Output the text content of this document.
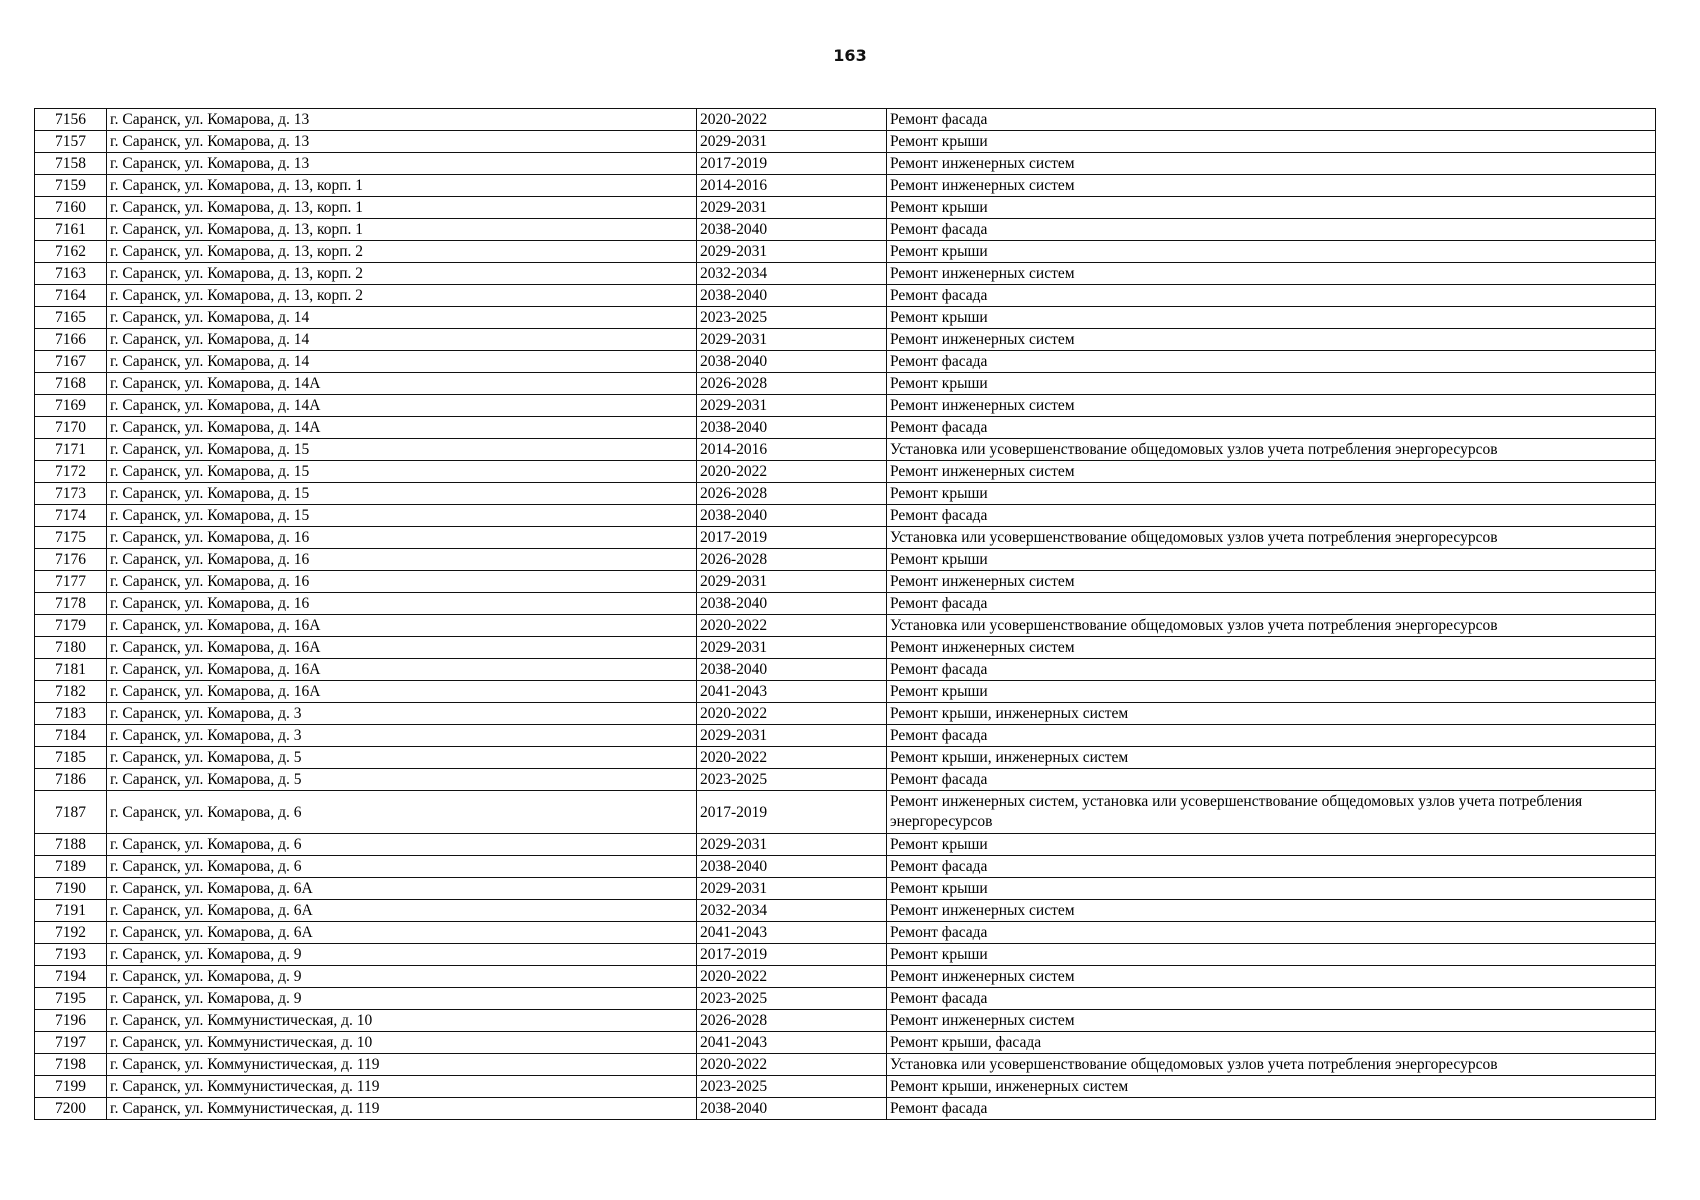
163
7156	г. Саранск, ул. Комарова, д. 13	2020-2022	Ремонт фасада
7157	г. Саранск, ул. Комарова, д. 13	2029-2031	Ремонт крыши
7158	г. Саранск, ул. Комарова, д. 13	2017-2019	Ремонт инженерных систем
7159	г. Саранск, ул. Комарова, д. 13, корп. 1	2014-2016	Ремонт инженерных систем
7160	г. Саранск, ул. Комарова, д. 13, корп. 1	2029-2031	Ремонт крыши
7161	г. Саранск, ул. Комарова, д. 13, корп. 1	2038-2040	Ремонт фасада
7162	г. Саранск, ул. Комарова, д. 13, корп. 2	2029-2031	Ремонт крыши
7163	г. Саранск, ул. Комарова, д. 13, корп. 2	2032-2034	Ремонт инженерных систем
7164	г. Саранск, ул. Комарова, д. 13, корп. 2	2038-2040	Ремонт фасада
7165	г. Саранск, ул. Комарова, д. 14	2023-2025	Ремонт крыши
7166	г. Саранск, ул. Комарова, д. 14	2029-2031	Ремонт инженерных систем
7167	г. Саранск, ул. Комарова, д. 14	2038-2040	Ремонт фасада
7168	г. Саранск, ул. Комарова, д. 14А	2026-2028	Ремонт крыши
7169	г. Саранск, ул. Комарова, д. 14А	2029-2031	Ремонт инженерных систем
7170	г. Саранск, ул. Комарова, д. 14А	2038-2040	Ремонт фасада
7171	г. Саранск, ул. Комарова, д. 15	2014-2016	Установка или усовершенствование общедомовых узлов учета потребления энергоресурсов
7172	г. Саранск, ул. Комарова, д. 15	2020-2022	Ремонт инженерных систем
7173	г. Саранск, ул. Комарова, д. 15	2026-2028	Ремонт крыши
7174	г. Саранск, ул. Комарова, д. 15	2038-2040	Ремонт фасада
7175	г. Саранск, ул. Комарова, д. 16	2017-2019	Установка или усовершенствование общедомовых узлов учета потребления энергоресурсов
7176	г. Саранск, ул. Комарова, д. 16	2026-2028	Ремонт крыши
7177	г. Саранск, ул. Комарова, д. 16	2029-2031	Ремонт инженерных систем
7178	г. Саранск, ул. Комарова, д. 16	2038-2040	Ремонт фасада
7179	г. Саранск, ул. Комарова, д. 16А	2020-2022	Установка или усовершенствование общедомовых узлов учета потребления энергоресурсов
7180	г. Саранск, ул. Комарова, д. 16А	2029-2031	Ремонт инженерных систем
7181	г. Саранск, ул. Комарова, д. 16А	2038-2040	Ремонт фасада
7182	г. Саранск, ул. Комарова, д. 16А	2041-2043	Ремонт крыши
7183	г. Саранск, ул. Комарова, д. 3	2020-2022	Ремонт крыши, инженерных систем
7184	г. Саранск, ул. Комарова, д. 3	2029-2031	Ремонт фасада
7185	г. Саранск, ул. Комарова, д. 5	2020-2022	Ремонт крыши, инженерных систем
7186	г. Саранск, ул. Комарова, д. 5	2023-2025	Ремонт фасада
7187	г. Саранск, ул. Комарова, д. 6	2017-2019	Ремонт инженерных систем, установка или усовершенствование общедомовых узлов учета потребления энергоресурсов
7188	г. Саранск, ул. Комарова, д. 6	2029-2031	Ремонт крыши
7189	г. Саранск, ул. Комарова, д. 6	2038-2040	Ремонт фасада
7190	г. Саранск, ул. Комарова, д. 6А	2029-2031	Ремонт крыши
7191	г. Саранск, ул. Комарова, д. 6А	2032-2034	Ремонт инженерных систем
7192	г. Саранск, ул. Комарова, д. 6А	2041-2043	Ремонт фасада
7193	г. Саранск, ул. Комарова, д. 9	2017-2019	Ремонт крыши
7194	г. Саранск, ул. Комарова, д. 9	2020-2022	Ремонт инженерных систем
7195	г. Саранск, ул. Комарова, д. 9	2023-2025	Ремонт фасада
7196	г. Саранск, ул. Коммунистическая, д. 10	2026-2028	Ремонт инженерных систем
7197	г. Саранск, ул. Коммунистическая, д. 10	2041-2043	Ремонт крыши, фасада
7198	г. Саранск, ул. Коммунистическая, д. 119	2020-2022	Установка или усовершенствование общедомовых узлов учета потребления энергоресурсов
7199	г. Саранск, ул. Коммунистическая, д. 119	2023-2025	Ремонт крыши, инженерных систем
7200	г. Саранск, ул. Коммунистическая, д. 119	2038-2040	Ремонт фасада
